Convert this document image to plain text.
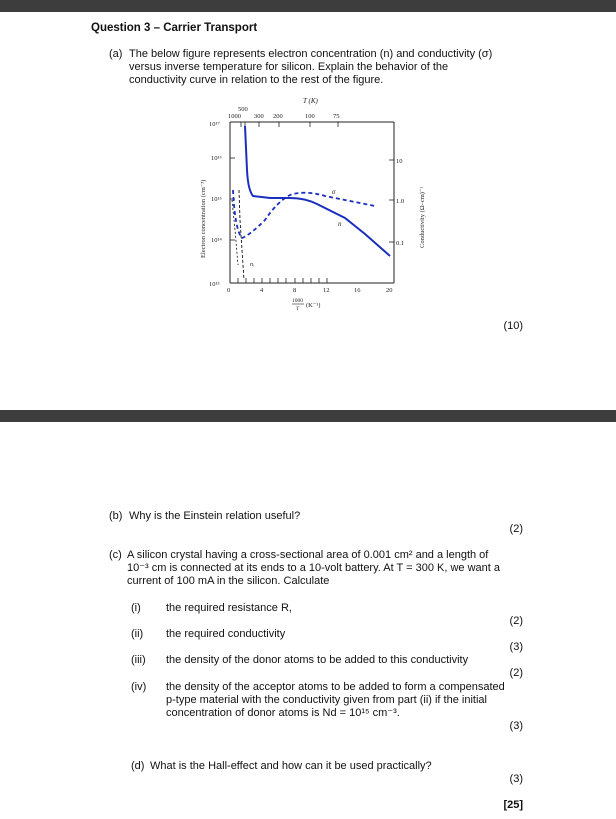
Question 3 – Carrier Transport
(a) The below figure represents electron concentration (n) and conductivity (σ)
versus inverse temperature for silicon. Explain the behavior of the
conductivity curve in relation to the rest of the figure.
T (K)
500
1000 300 200	100	75
10¹⁷
10¹⁶
10¹⁵
10¹⁴
10¹³
10
1.0
0.1
0	4	8	12	16	20
1000
T (K⁻¹)
Electron concentration (cm⁻³)	Conductivity (Ω–cm)⁻¹
σ
n
nᵢ
(10)
(b) Why is the Einstein relation useful?
(2)
(c) A silicon crystal having a cross-sectional area of 0.001 cm² and a length of
10⁻³ cm is connected at its ends to a 10-volt battery. At T = 300 K, we want a
current of 100 mA in the silicon. Calculate
(i) the required resistance R,
(2)
(ii) the required conductivity
(3)
(iii) the density of the donor atoms to be added to this conductivity
(2)
(iv) the density of the acceptor atoms to be added to form a compensated
p-type material with the conductivity given from part (ii) if the initial
concentration of donor atoms is Nd = 10¹⁵ cm⁻³.
(3)
(d) What is the Hall-effect and how can it be used practically?
(3)
[25]
